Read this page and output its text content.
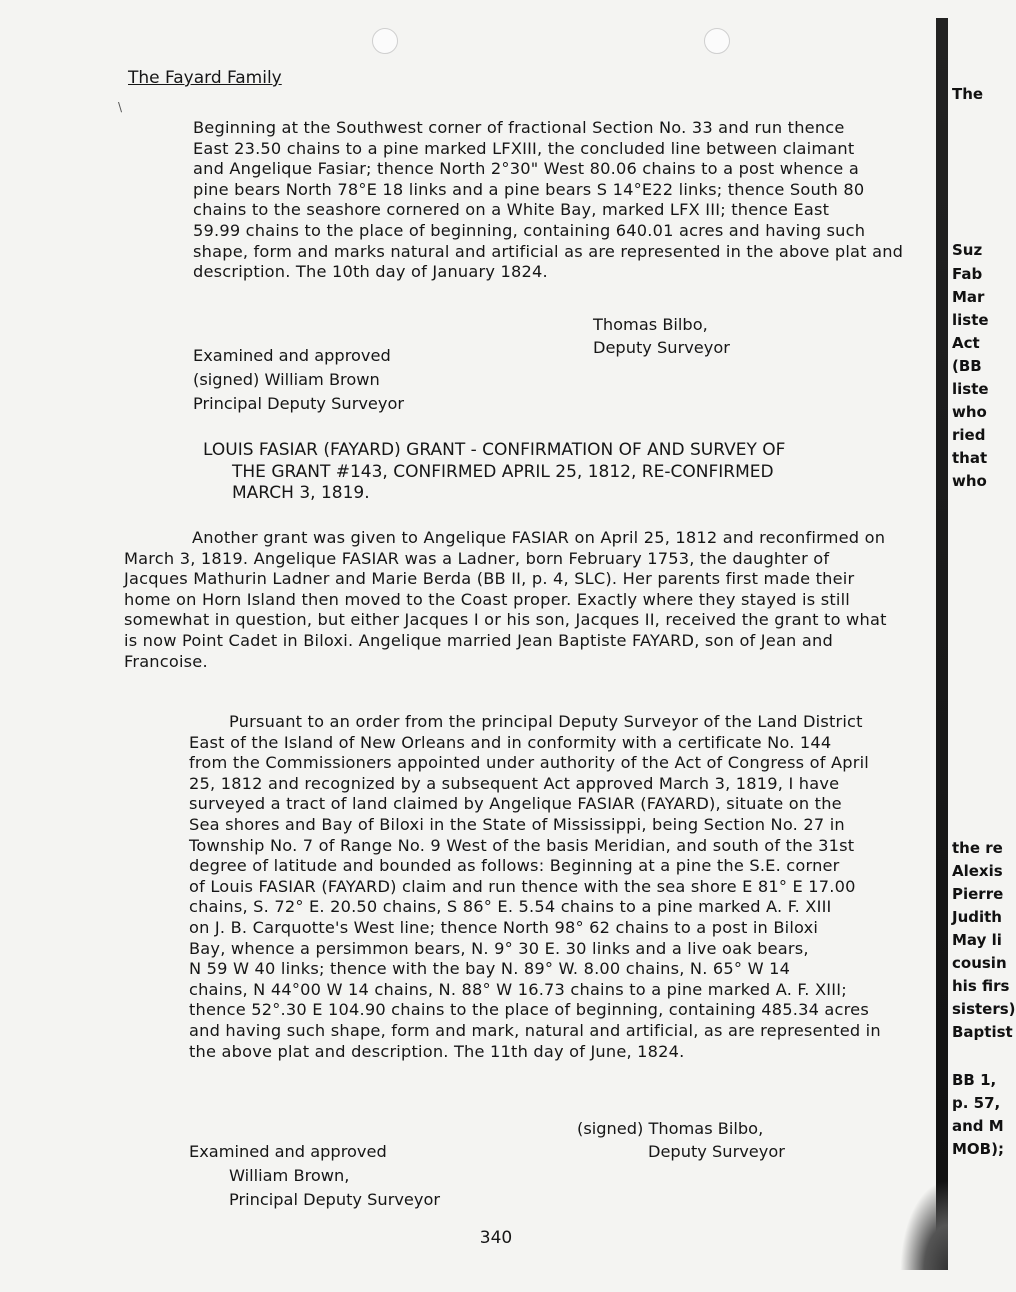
The Fayard Family
\
Beginning at the Southwest corner of fractional Section No. 33 and run thence
East 23.50 chains to a pine marked LFXIII, the concluded line between claimant
and Angelique Fasiar; thence North 2°30" West 80.06 chains to a post whence a
pine bears North 78°E 18 links and a pine bears S 14°E22 links; thence South 80
chains to the seashore cornered on a White Bay, marked LFX III; thence East
59.99 chains to the place of beginning, containing 640.01 acres and having such
shape, form and marks natural and artificial as are represented in the above plat and
description. The 10th day of January 1824.
Thomas Bilbo,
Deputy Surveyor
Examined and approved
(signed) William Brown
Principal Deputy Surveyor
LOUIS FASIAR (FAYARD) GRANT - CONFIRMATION OF AND SURVEY OF
THE GRANT #143, CONFIRMED APRIL 25, 1812, RE-CONFIRMED
MARCH 3, 1819.
Another grant was given to Angelique FASIAR on April 25, 1812 and reconfirmed on
March 3, 1819. Angelique FASIAR was a Ladner, born February 1753, the daughter of
Jacques Mathurin Ladner and Marie Berda (BB II, p. 4, SLC). Her parents first made their
home on Horn Island then moved to the Coast proper. Exactly where they stayed is still
somewhat in question, but either Jacques I or his son, Jacques II, received the grant to what
is now Point Cadet in Biloxi. Angelique married Jean Baptiste FAYARD, son of Jean and
Francoise.
Pursuant to an order from the principal Deputy Surveyor of the Land District
East of the Island of New Orleans and in conformity with a certificate No. 144
from the Commissioners appointed under authority of the Act of Congress of April
25, 1812 and recognized by a subsequent Act approved March 3, 1819, I have
surveyed a tract of land claimed by Angelique FASIAR (FAYARD), situate on the
Sea shores and Bay of Biloxi in the State of Mississippi, being Section No. 27 in
Township No. 7 of Range No. 9 West of the basis Meridian, and south of the 31st
degree of latitude and bounded as follows: Beginning at a pine the S.E. corner
of Louis FASIAR (FAYARD) claim and run thence with the sea shore E 81° E 17.00
chains, S. 72° E. 20.50 chains, S 86° E. 5.54 chains to a pine marked A. F. XIII
on J. B. Carquotte's West line; thence North 98° 62 chains to a post in Biloxi
Bay, whence a persimmon bears, N. 9° 30 E. 30 links and a live oak bears,
N 59 W 40 links; thence with the bay N. 89° W. 8.00 chains, N. 65° W 14
chains, N 44°00 W 14 chains, N. 88° W 16.73 chains to a pine marked A. F. XIII;
thence 52°.30 E 104.90 chains to the place of beginning, containing 485.34 acres
and having such shape, form and mark, natural and artificial, as are represented in
the above plat and description. The 11th day of June, 1824.
(signed) Thomas Bilbo,
Deputy Surveyor
Examined and approved
William Brown,
Principal Deputy Surveyor
340
The
Suz
Fab
Mar
liste
Act
(BB
liste
who
ried
that
who
the re
Alexis
Pierre
Judith
May li
cousin
his firs
sisters)
Baptist
BB 1,
p. 57,
and M
MOB);
